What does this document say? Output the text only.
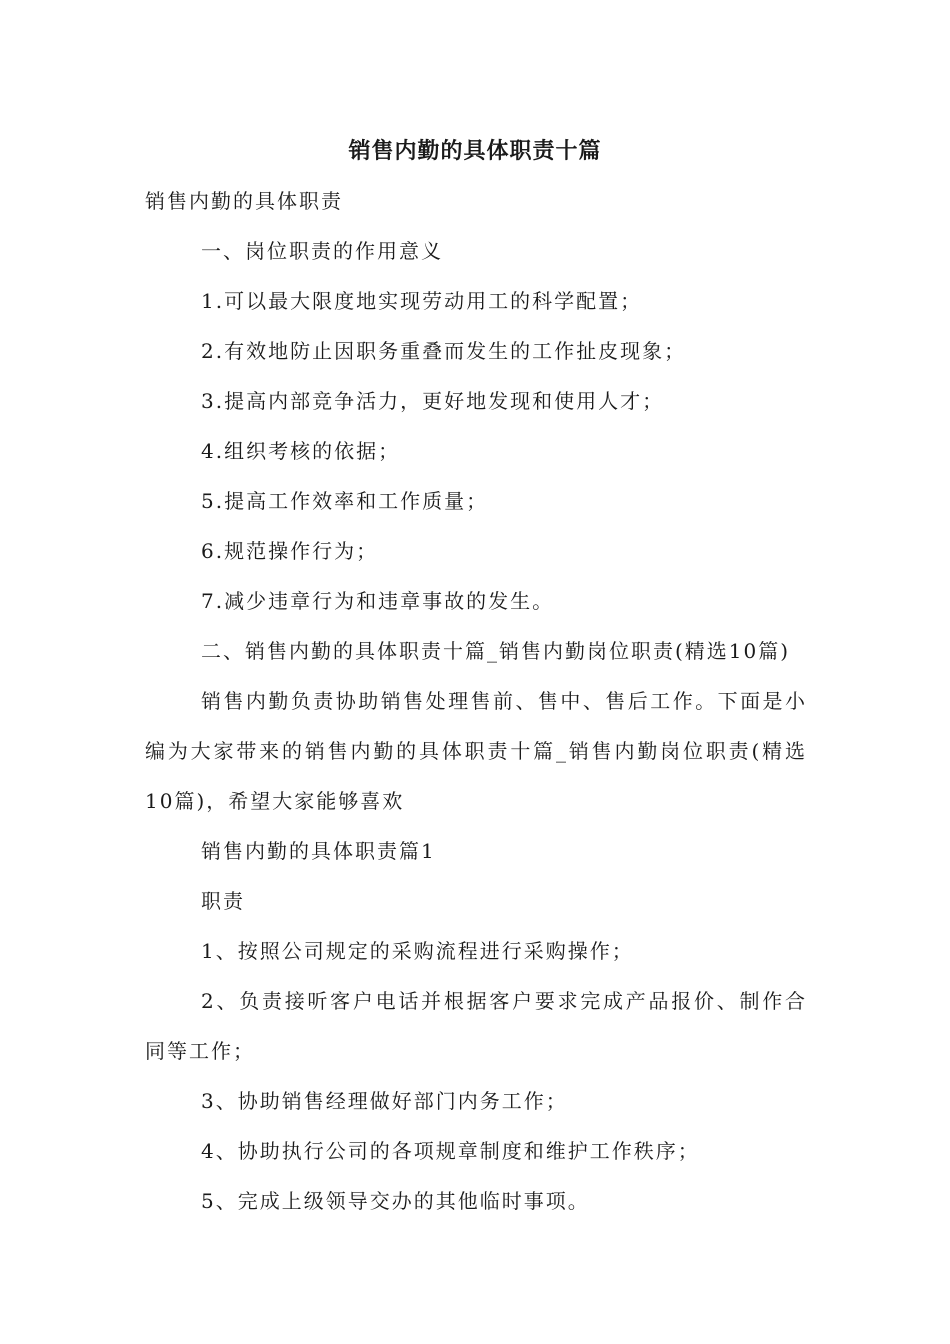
销售内勤的具体职责十篇
销售内勤的具体职责
一、岗位职责的作用意义
1.可以最大限度地实现劳动用工的科学配置；
2.有效地防止因职务重叠而发生的工作扯皮现象；
3.提高内部竞争活力，更好地发现和使用人才；
4.组织考核的依据；
5.提高工作效率和工作质量；
6.规范操作行为；
7.减少违章行为和违章事故的发生。
二、销售内勤的具体职责十篇_销售内勤岗位职责(精选10篇)
销售内勤负责协助销售处理售前、售中、售后工作。下面是小编为大家带来的销售内勤的具体职责十篇_销售内勤岗位职责(精选10篇)，希望大家能够喜欢
销售内勤的具体职责篇1
职责
1、按照公司规定的采购流程进行采购操作；
2、负责接听客户电话并根据客户要求完成产品报价、制作合同等工作；
3、协助销售经理做好部门内务工作；
4、协助执行公司的各项规章制度和维护工作秩序；
5、完成上级领导交办的其他临时事项。
